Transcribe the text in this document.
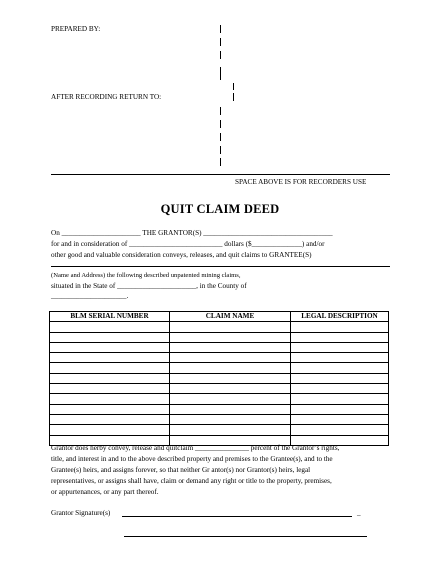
PREPARED BY:
AFTER RECORDING RETURN TO:
SPACE ABOVE IS FOR RECORDERS USE
QUIT CLAIM DEED
On ______________________ THE GRANTOR(S) ____________________________________
for and in consideration of __________________________ dollars ($______________) and/or
other good and valuable consideration conveys, releases, and quit claims to GRANTEE(S)
(Name and Address) the following described unpatented mining claims,
situated in the State of ______________________, in the County of
_____________________.
BLM SERIAL NUMBER	CLAIM NAME	LEGAL DESCRIPTION

Grantor does herby convey, release and quitclaim _______________ percent of the Grantor’s rights,
title, and interest in and to the above described property and premises to the Grantee(s), and to the
Grantee(s) heirs, and assigns forever, so that neither Gr antor(s) nor Grantor(s) heirs, legal
representatives, or assigns shall have, claim or demand any right or title to the property, premises,
or appurtenances, or any part thereof.
Grantor Signature(s)	_
